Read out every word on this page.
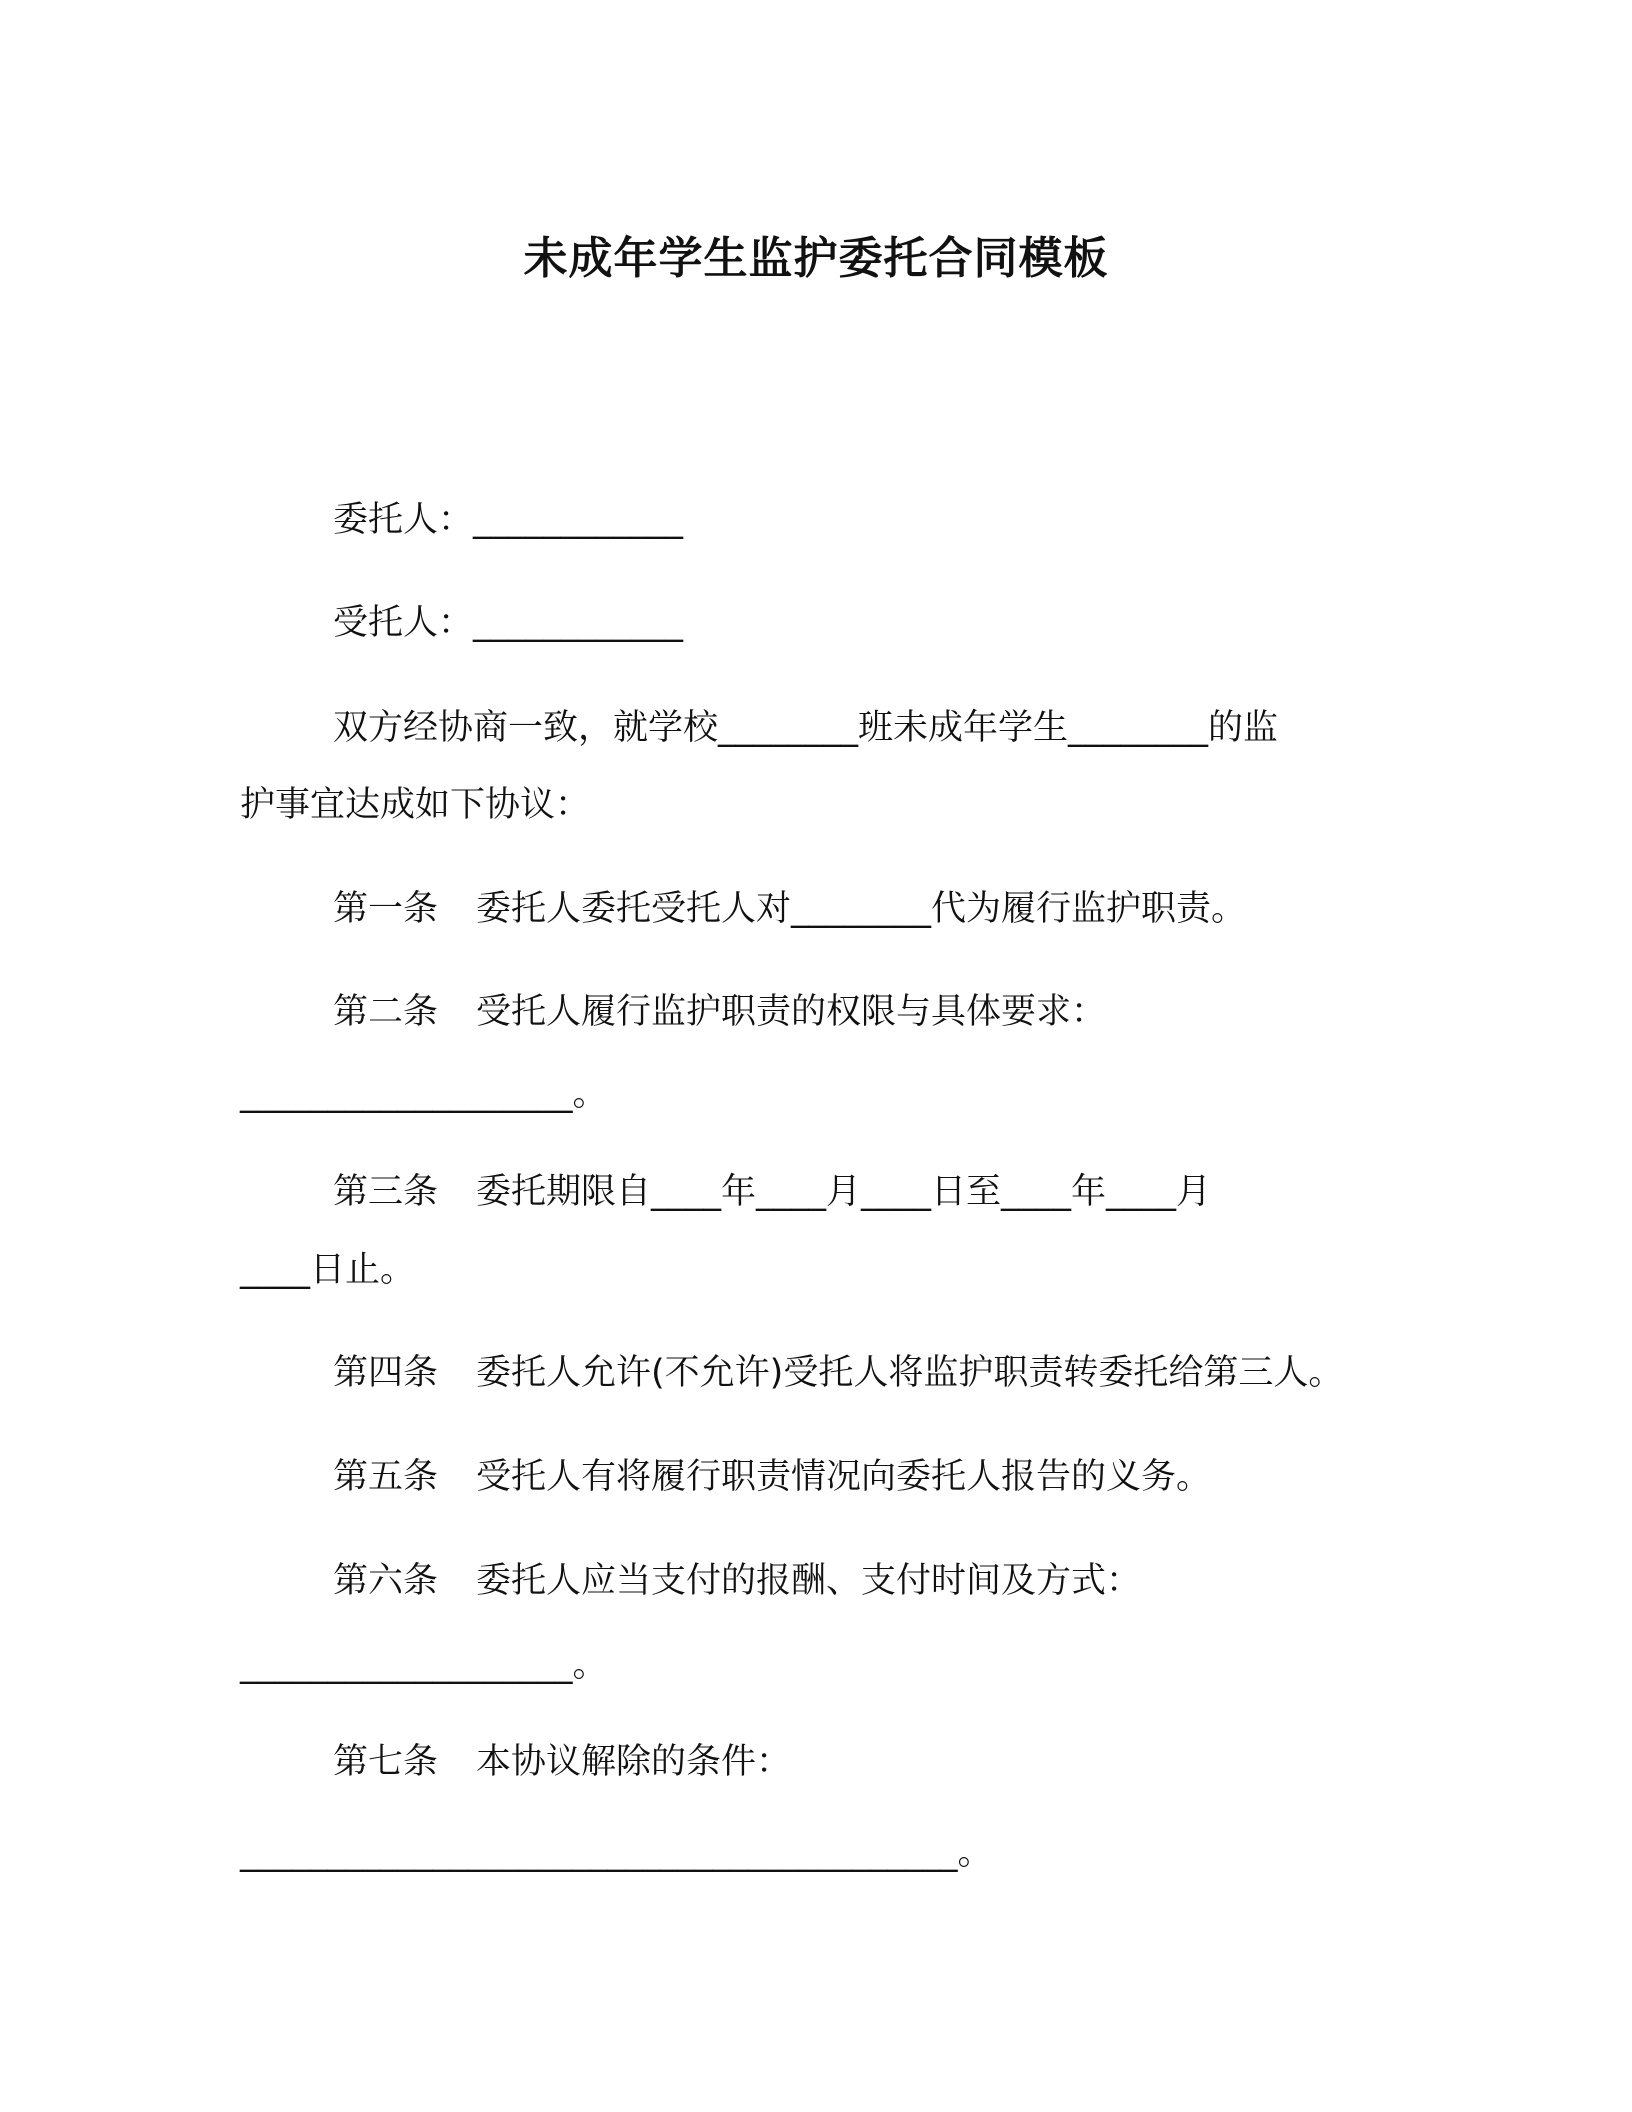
未成年学生监护委托合同模板
委托人：____________
受托人：____________
双方经协商一致，就学校________班未成年学生________的监
护事宜达成如下协议：
第一条 委托人委托受托人对________代为履行监护职责。
第二条 受托人履行监护职责的权限与具体要求：
___________________。
第三条 委托期限自____年____月____日至____年____月
____日止。
第四条 委托人允许(不允许)受托人将监护职责转委托给第三人。
第五条 受托人有将履行职责情况向委托人报告的义务。
第六条 委托人应当支付的报酬、支付时间及方式：
___________________。
第七条 本协议解除的条件：
_________________________________________。
